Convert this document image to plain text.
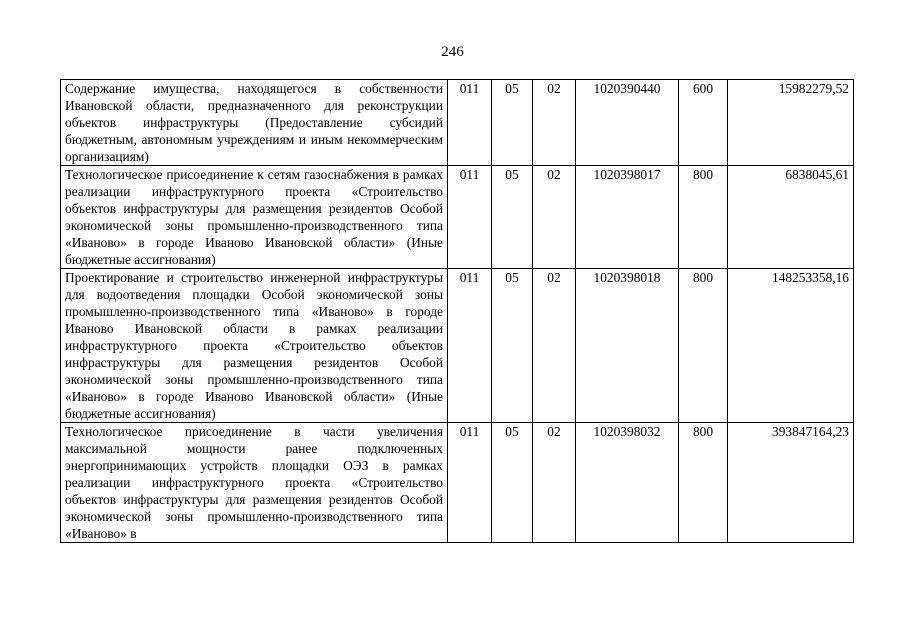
246
Содержание имущества, находящегося в собственности Ивановской области, предназначенного для реконструкции объектов инфраструктуры (Предоставление субсидий бюджетным, автономным учреждениям и иным некоммерческим организациям)	011	05	02	1020390440	600	15982279,52
Технологическое присоединение к сетям газоснабжения в рамках реализации инфраструктурного проекта «Строительство объектов инфраструктуры для размещения резидентов Особой экономической зоны промышленно-производственного типа «Иваново» в городе Иваново Ивановской области» (Иные бюджетные ассигнования)	011	05	02	1020398017	800	6838045,61
Проектирование и строительство инженерной инфраструктуры для водоотведения площадки Особой экономической зоны промышленно-производственного типа «Иваново» в городе Иваново Ивановской области в рамках реализации инфраструктурного проекта «Строительство объектов инфраструктуры для размещения резидентов Особой экономической зоны промышленно-производственного типа «Иваново» в городе Иваново Ивановской области» (Иные бюджетные ассигнования)	011	05	02	1020398018	800	148253358,16
Технологическое присоединение в части увеличения максимальной мощности ранее подключенных энергопринимающих устройств площадки ОЭЗ в рамках реализации инфраструктурного проекта «Строительство объектов инфраструктуры для размещения резидентов Особой экономической зоны промышленно-производственного типа «Иваново» в	011	05	02	1020398032	800	393847164,23
